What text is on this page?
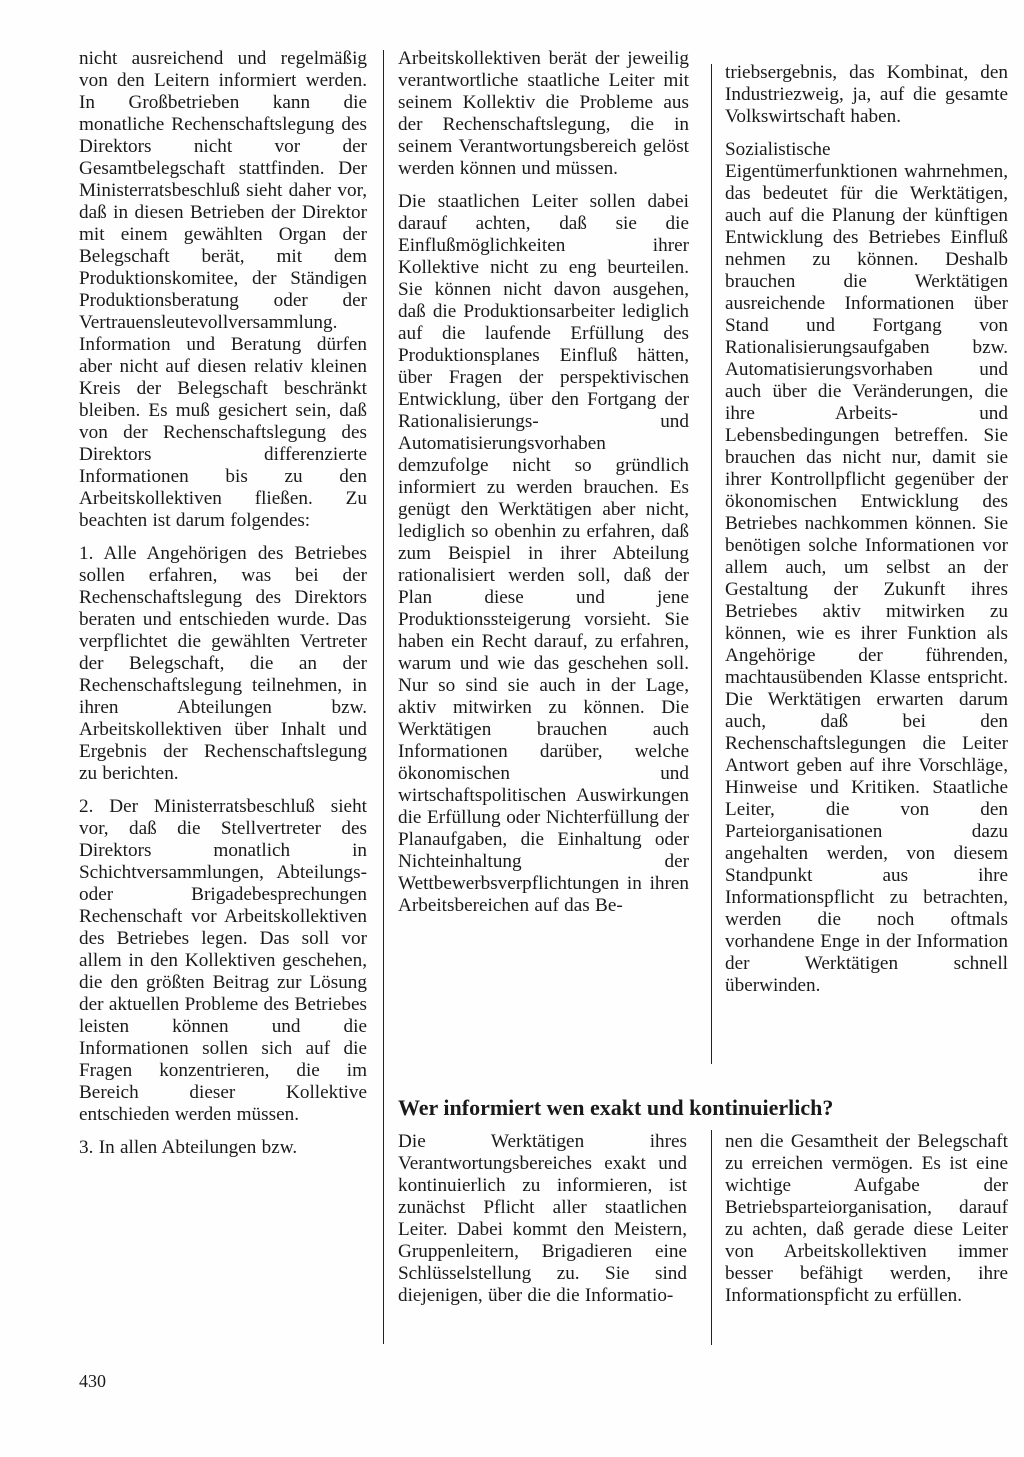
nicht ausreichend und regelmäßig von den Leitern informiert werden. In Großbetrieben kann die monatliche Rechenschaftslegung des Direktors nicht vor der Gesamtbelegschaft stattfinden. Der Ministerratsbeschluß sieht daher vor, daß in diesen Betrieben der Direktor mit einem gewählten Organ der Belegschaft berät, mit dem Produktionskomitee, der Ständigen Produktionsberatung oder der Vertrauensleutevollversammlung. Information und Beratung dürfen aber nicht auf diesen relativ kleinen Kreis der Belegschaft beschränkt bleiben. Es muß gesichert sein, daß von der Rechenschaftslegung des Direktors differenzierte Informationen bis zu den Arbeitskollektiven fließen. Zu beachten ist darum folgendes:

1. Alle Angehörigen des Betriebes sollen erfahren, was bei der Rechenschaftslegung des Direktors beraten und entschieden wurde. Das verpflichtet die gewählten Vertreter der Belegschaft, die an der Rechenschaftslegung teilnehmen, in ihren Abteilungen bzw. Arbeitskollektiven über Inhalt und Ergebnis der Rechenschaftslegung zu berichten.

2. Der Ministerratsbeschluß sieht vor, daß die Stellvertreter des Direktors monatlich in Schichtversammlungen, Abteilungs- oder Brigadebesprechungen Rechenschaft vor Arbeitskollektiven des Betriebes legen. Das soll vor allem in den Kollektiven geschehen, die den größten Beitrag zur Lösung der aktuellen Probleme des Betriebes leisten können und die Informationen sollen sich auf die Fragen konzentrieren, die im Bereich dieser Kollektive entschieden werden müssen.

3. In allen Abteilungen bzw.

Arbeitskollektiven berät der jeweilig verantwortliche staatliche Leiter mit seinem Kollektiv die Probleme aus der Rechenschaftslegung, die in seinem Verantwortungsbereich gelöst werden können und müssen.

Die staatlichen Leiter sollen dabei darauf achten, daß sie die Einflußmöglichkeiten ihrer Kollektive nicht zu eng beurteilen. Sie können nicht davon ausgehen, daß die Produktionsarbeiter lediglich auf die laufende Erfüllung des Produktionsplanes Einfluß hätten, über Fragen der perspektivischen Entwicklung, über den Fortgang der Rationalisierungs- und Automatisierungsvorhaben demzufolge nicht so gründlich informiert zu werden brauchen. Es genügt den Werktätigen aber nicht, lediglich so obenhin zu erfahren, daß zum Beispiel in ihrer Abteilung rationalisiert werden soll, daß der Plan diese und jene Produktionssteigerung vorsieht. Sie haben ein Recht darauf, zu erfahren, warum und wie das geschehen soll. Nur so sind sie auch in der Lage, aktiv mitwirken zu können. Die Werktätigen brauchen auch Informationen darüber, welche ökonomischen und wirtschaftspolitischen Auswirkungen die Erfüllung oder Nichterfüllung der Planaufgaben, die Einhaltung oder Nichteinhaltung der Wettbewerbsverpflichtungen in ihren Arbeitsbereichen auf das Be-

triebsergebnis, das Kombinat, den Industriezweig, ja, auf die gesamte Volkswirtschaft haben.

Sozialistische Eigentümerfunktionen wahrnehmen, das bedeutet für die Werktätigen, auch auf die Planung der künftigen Entwicklung des Betriebes Einfluß nehmen zu können. Deshalb brauchen die Werktätigen ausreichende Informationen über Stand und Fortgang von Rationalisierungsaufgaben bzw. Automatisierungsvorhaben und auch über die Veränderungen, die ihre Arbeits- und Lebensbedingungen betreffen. Sie brauchen das nicht nur, damit sie ihrer Kontrollpflicht gegenüber der ökonomischen Entwicklung des Betriebes nachkommen können. Sie benötigen solche Informationen vor allem auch, um selbst an der Gestaltung der Zukunft ihres Betriebes aktiv mitwirken zu können, wie es ihrer Funktion als Angehörige der führenden, machtausübenden Klasse entspricht. Die Werktätigen erwarten darum auch, daß bei den Rechenschaftslegungen die Leiter Antwort geben auf ihre Vorschläge, Hinweise und Kritiken. Staatliche Leiter, die von den Parteiorganisationen dazu angehalten werden, von diesem Standpunkt aus ihre Informationspflicht zu betrachten, werden die noch oftmals vorhandene Enge in der Information der Werktätigen schnell überwinden.

Wer informiert wen exakt und kontinuierlich?

Die Werktätigen ihres Verantwortungsbereiches exakt und kontinuierlich zu informieren, ist zunächst Pflicht aller staatlichen Leiter. Dabei kommt den Meistern, Gruppenleitern, Brigadieren eine Schlüsselstellung zu. Sie sind diejenigen, über die die Informatio-

nen die Gesamtheit der Belegschaft zu erreichen vermögen. Es ist eine wichtige Aufgabe der Betriebsparteiorganisation, darauf zu achten, daß gerade diese Leiter von Arbeitskollektiven immer besser befähigt werden, ihre Informationspficht zu erfüllen.

430
